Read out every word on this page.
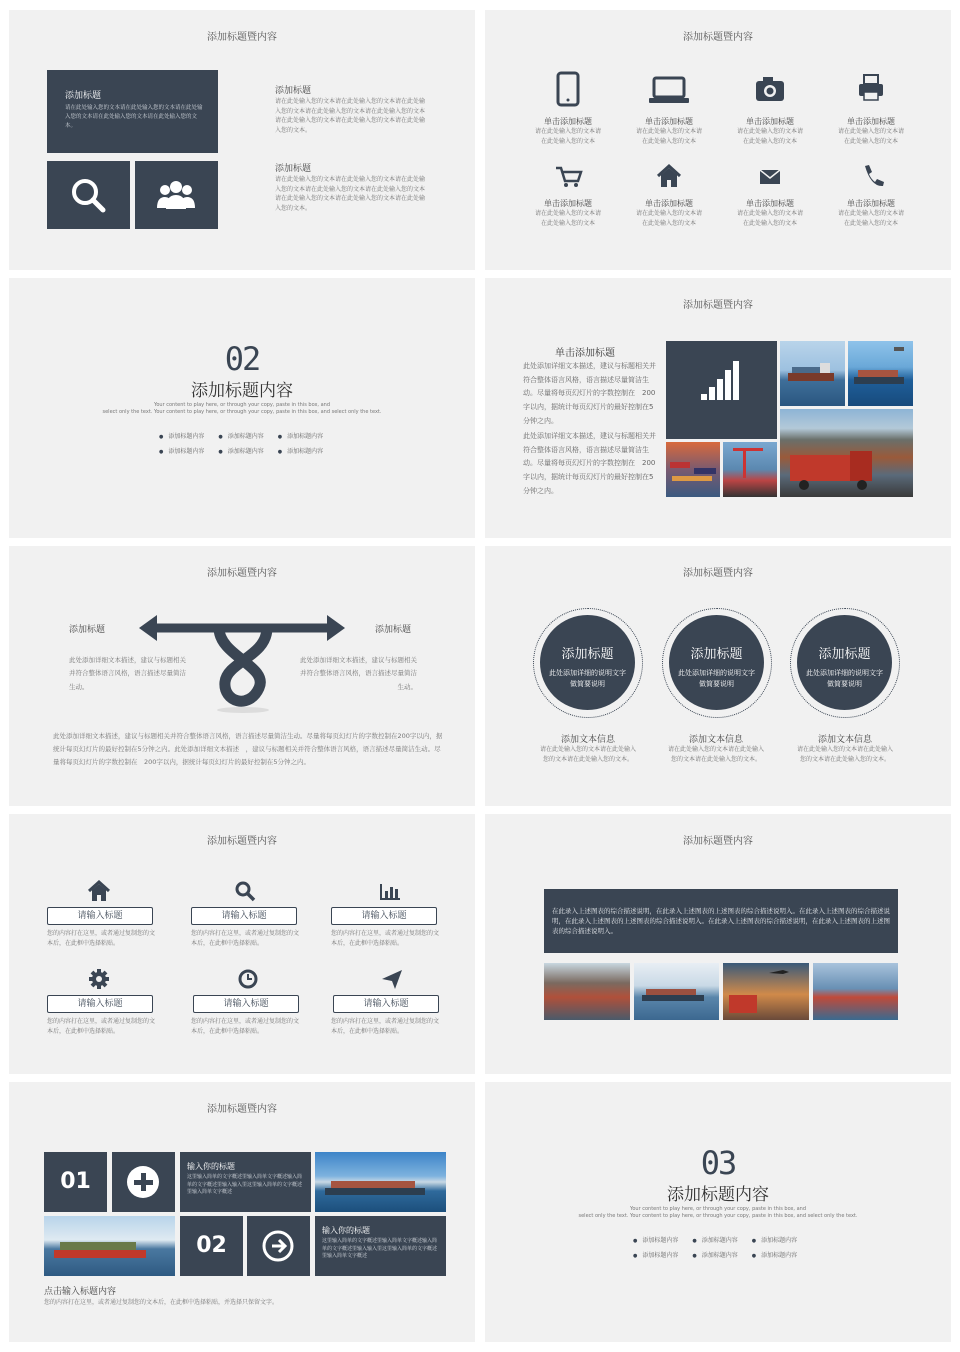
添加标题暨内容
添加标题
请在此处输入您的文本请在此处输入您的文本请在此处输入您的文本请在此处输入您的文本请在此处输入您的文本。
添加标题
请在此处输入您的文本请在此处输入您的文本请在此处输入您的文本请在此处输入您的文本请在此处输入您的文本请在此处输入您的文本请在此处输入您的文本请在此处输入您的文本。
添加标题
请在此处输入您的文本请在此处输入您的文本请在此处输入您的文本请在此处输入您的文本请在此处输入您的文本请在此处输入您的文本请在此处输入您的文本请在此处输入您的文本。
添加标题暨内容
单击添加标题
请在此处输入您的文本请在此处输入您的文本
单击添加标题
请在此处输入您的文本请在此处输入您的文本
单击添加标题
请在此处输入您的文本请在此处输入您的文本
单击添加标题
请在此处输入您的文本请在此处输入您的文本
单击添加标题
请在此处输入您的文本请在此处输入您的文本
单击添加标题
请在此处输入您的文本请在此处输入您的文本
单击添加标题
请在此处输入您的文本请在此处输入您的文本
单击添加标题
请在此处输入您的文本请在此处输入您的文本
02
添加标题内容
Your content to play here, or through your copy, paste in this box, and
select only the text. Your content to play here, or through your copy, paste in this box, and select only the text.
● 添加标题内容	● 添加标题内容	● 添加标题内容
● 添加标题内容	● 添加标题内容	● 添加标题内容
添加标题暨内容
单击添加标题
此处添加详细文本描述，建议与标题相关并符合整体语言风格，语言描述尽量简洁生动。尽量将每页幻灯片的字数控制在　200字以内，据统计每页幻灯片的最好控制在5分钟之内。
此处添加详细文本描述，建议与标题相关并符合整体语言风格，语言描述尽量简洁生动。尽量将每页幻灯片的字数控制在　200字以内，据统计每页幻灯片的最好控制在5分钟之内。
添加标题暨内容
添加标题	添加标题
此处添加详细文本描述，建议与标题相关并符合整体语言风格，语言描述尽量简洁生动。
此处添加详细文本描述，建议与标题相关并符合整体语言风格，语言描述尽量简洁生动。
此处添加详细文本描述，建议与标题相关并符合整体语言风格，语言描述尽量简洁生动。尽量将每页幻灯片的字数控制在200字以内，据统计每页幻灯片的最好控制在5分钟之内。此处添加详细文本描述　，建议与标题相关并符合整体语言风格，语言描述尽量简洁生动。尽量将每页幻灯片的字数控制在　200字以内，据统计每页幻灯片的最好控制在5分钟之内。
添加标题暨内容
添加标题
此处添加详细的说明文字做简要说明
添加标题
此处添加详细的说明文字做简要说明
添加标题
此处添加详细的说明文字做简要说明
添加文本信息
请在此处输入您的文本请在此处输入您的文本请在此处输入您的文本。
添加文本信息
请在此处输入您的文本请在此处输入您的文本请在此处输入您的文本。
添加文本信息
请在此处输入您的文本请在此处输入您的文本请在此处输入您的文本。
添加标题暨内容
请输入标题	请输入标题	请输入标题
您的内容打在这里，或者通过复制您的文本后，在此框中选择粘贴。
您的内容打在这里，或者通过复制您的文本后，在此框中选择粘贴。
您的内容打在这里，或者通过复制您的文本后，在此框中选择粘贴。
请输入标题	请输入标题	请输入标题
您的内容打在这里，或者通过复制您的文本后，在此框中选择粘贴。
您的内容打在这里，或者通过复制您的文本后，在此框中选择粘贴。
您的内容打在这里，或者通过复制您的文本后，在此框中选择粘贴。
添加标题暨内容
在此录入上述图表的综合描述说明，在此录入上述图表的上述图表的综合描述说明入。在此录入上述图表的综合描述说明，在此录入上述图表的上述图表的综合描述说明入。在此录入上述图表的综合描述说明，在此录入上述图表的上述图表的综合描述说明入。
添加标题暨内容
01
输入你的标题
这里输入简单的文字概述里输入简单文字概述输入简单的文字概述里输入输入里这里输入简单的文字概述里输入简单文字概述
02
输入你的标题
这里输入简单的文字概述里输入简单文字概述输入简单的文字概述里输入输入里这里输入简单的文字概述里输入简单文字概述
点击输入标题内容
您的内容打在这里，或者通过复制您的文本后，在此框中选择粘贴，并选择只保留文字。
03
添加标题内容
Your content to play here, or through your copy, paste in this box, and
select only the text. Your content to play here, or through your copy, paste in this box, and select only the text.
● 添加标题内容	● 添加标题内容	● 添加标题内容
● 添加标题内容	● 添加标题内容	● 添加标题内容
